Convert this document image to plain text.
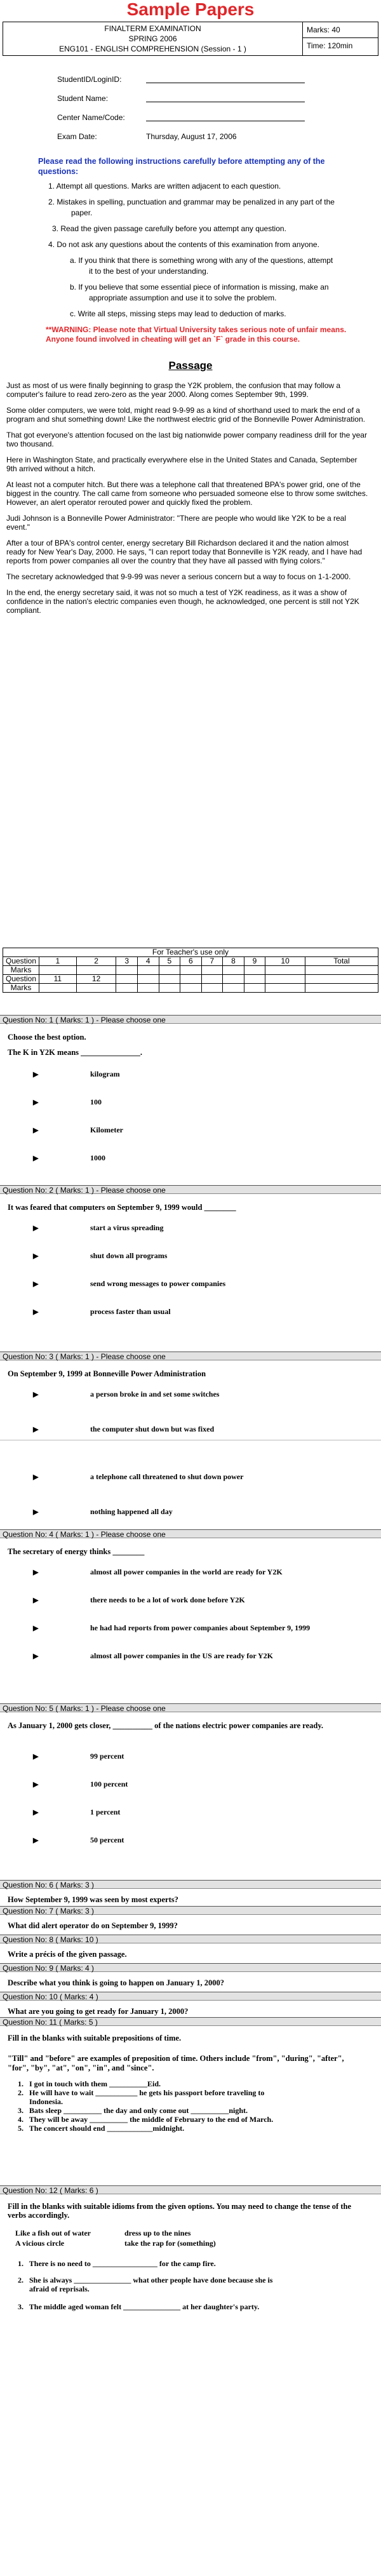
Sample Papers
FINALTERM EXAMINATION
SPRING 2006
ENG101 - ENGLISH COMPREHENSION (Session - 1 )
Marks: 40
Time: 120min
StudentID/LoginID:
Student Name:
Center Name/Code:
Exam Date:	Thursday, August 17, 2006
Please read the following instructions carefully before attempting any of the questions:

1. Attempt all questions. Marks are written adjacent to each question.

2. Mistakes in spelling, punctuation and grammar may be penalized in any part of the

paper.

3. Read the given passage carefully before you attempt any question.

4. Do not ask any questions about the contents of this examination from anyone.

a. If you think that there is something wrong with any of the questions, attempt

it to the best of your understanding.

b. If you believe that some essential piece of information is missing, make an

appropriate assumption and use it to solve the problem.

c. Write all steps, missing steps may lead to deduction of marks.

**WARNING: Please note that Virtual University takes serious note of unfair means. Anyone found involved in cheating will get an `F` grade in this course.
Passage

Just as most of us were finally beginning to grasp the Y2K problem, the confusion that may follow a computer's failure to read zero-zero as the year 2000. Along comes September 9th, 1999.

Some older computers, we were told, might read 9-9-99 as a kind of shorthand used to mark the end of a program and shut something down! Like the northwest electric grid of the Bonneville Power Administration.

That got everyone's attention focused on the last big nationwide power company readiness drill for the year two thousand.

Here in Washington State, and practically everywhere else in the United States and Canada, September 9th arrived without a hitch.

At least not a computer hitch. But there was a telephone call that threatened BPA's power grid, one of the biggest in the country. The call came from someone who persuaded someone else to throw some switches. However, an alert operator rerouted power and quickly fixed the problem.

Judi Johnson is a Bonneville Power Administrator: "There are people who would like Y2K to be a real event."

After a tour of BPA's control center, energy secretary Bill Richardson declared it and the nation almost ready for New Year's Day, 2000. He says, "I can report today that Bonneville is Y2K ready, and I have had reports from power companies all over the country that they have all passed with flying colors."

The secretary acknowledged that 9-9-99 was never a serious concern but a way to focus on 1-1-2000.

In the end, the energy secretary said, it was not so much a test of Y2K readiness, as it was a show of confidence in the nation's electric companies even though, he acknowledged, one percent is still not Y2K compliant.

For Teacher's use only											
Question	1	2	3	4	5	6	7	8	9	10	Total
Marks											
Question	11	12									
Marks											
Question No: 1 ( Marks: 1 ) - Please choose one
Choose the best option.
The K in Y2K means _______________.
▶	kilogram
▶	100
▶	Kilometer
▶	1000
Question No: 2 ( Marks: 1 ) - Please choose one
It was feared that computers on September 9, 1999 would ________
▶	start a virus spreading
▶	shut down all programs
▶	send wrong messages to power companies
▶	process faster than usual
Question No: 3 ( Marks: 1 ) - Please choose one
On September 9, 1999 at Bonneville Power Administration
▶	a person broke in and set some switches
▶	the computer shut down but was fixed
▶	a telephone call threatened to shut down power
▶	nothing happened all day
Question No: 4 ( Marks: 1 ) - Please choose one
The secretary of energy thinks ________
▶	almost all power companies in the world are ready for Y2K
▶	there needs to be a lot of work done before Y2K
▶	he had had reports from power companies about September 9, 1999
▶	almost all power companies in the US are ready for Y2K
Question No: 5 ( Marks: 1 ) - Please choose one
As January 1, 2000 gets closer, __________ of the nations electric power companies are ready.
▶	99 percent
▶	100 percent
▶	1 percent
▶	50 percent
Question No: 6 ( Marks: 3 )
How September 9, 1999 was seen by most experts?
Question No: 7 ( Marks: 3 )
What did alert operator do on September 9, 1999?
Question No: 8 ( Marks: 10 )
Write a précis of the given passage.
Question No: 9 ( Marks: 4 )
Describe what you think is going to happen on January 1, 2000?
Question No: 10 ( Marks: 4 )
What are you going to get ready for January 1, 2000?
Question No: 11 ( Marks: 5 )
Fill in the blanks with suitable prepositions of time.
"Till" and "before" are examples of preposition of time. Others include "from", "during", "after", "for", "by", "at", "on", "in", and "since".
1.   I got in touch with them __________Eid.
2.   He will have to wait ___________ he gets his passport before traveling to
Indonesia.
3.   Bats sleep __________ the day and only come out __________night.
4.   They will be away __________ the middle of February to the end of March.
5.   The concert should end ____________midnight.
Question No: 12 ( Marks: 6 )
Fill in the blanks with suitable idioms from the given options. You may need to change the tense of the
verbs accordingly.
Like a fish out of water	dress up to the nines
A vicious circle	take the rap for (something)
1.   There is no need to _________________ for the camp fire.
2.   She is always _______________ what other people have done because she is
afraid of reprisals.
3.   The middle aged woman felt _______________ at her daughter's party.
